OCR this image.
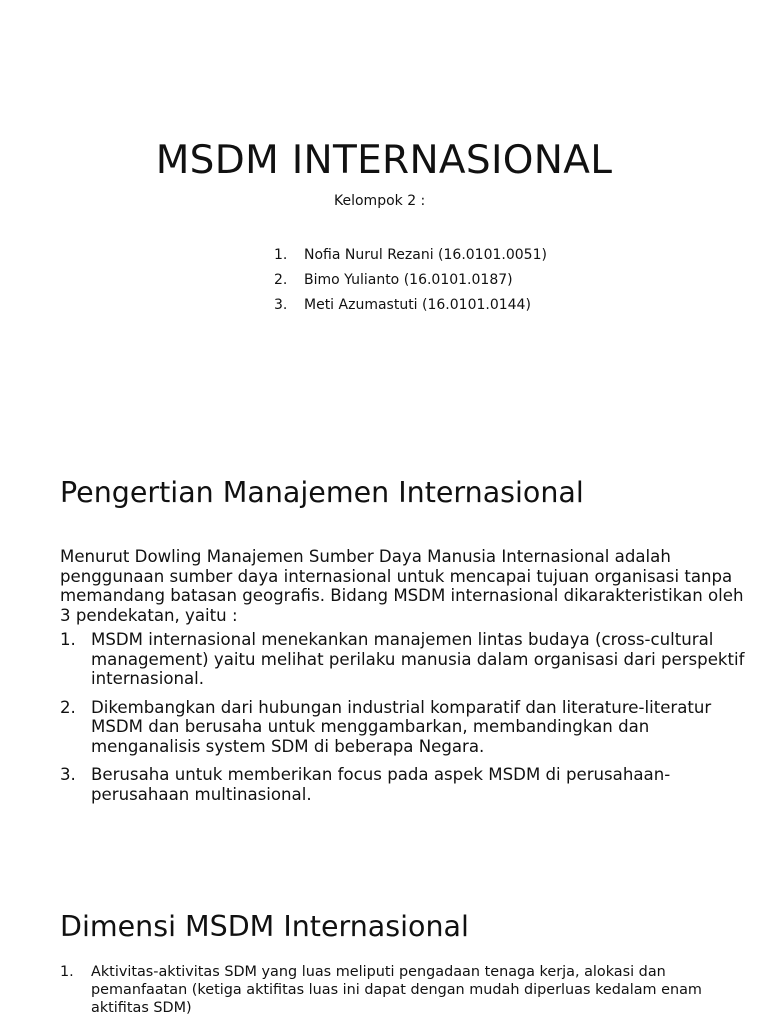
MSDM INTERNASIONAL
Kelompok 2 :
1. Nofia Nurul Rezani (16.0101.0051)
2. Bimo Yulianto (16.0101.0187)
3. Meti Azumastuti (16.0101.0144)
Pengertian Manajemen Internasional

Menurut Dowling Manajemen Sumber Daya Manusia Internasional adalah penggunaan sumber daya internasional untuk mencapai tujuan organisasi tanpa memandang batasan geografis. Bidang MSDM internasional dikarakteristikan oleh 3 pendekatan, yaitu :

1. MSDM internasional menekankan manajemen lintas budaya (cross-cultural management) yaitu melihat perilaku manusia dalam organisasi dari perspektif internasional.
2. Dikembangkan dari hubungan industrial komparatif dan literature-literatur MSDM dan berusaha untuk menggambarkan, membandingkan dan menganalisis system SDM di beberapa Negara.
3. Berusaha untuk memberikan focus pada aspek MSDM di perusahaan-perusahaan multinasional.
Dimensi MSDM Internasional
1. Aktivitas-aktivitas SDM yang luas meliputi pengadaan tenaga kerja, alokasi dan pemanfaatan (ketiga aktifitas luas ini dapat dengan mudah diperluas kedalam enam aktifitas SDM)
